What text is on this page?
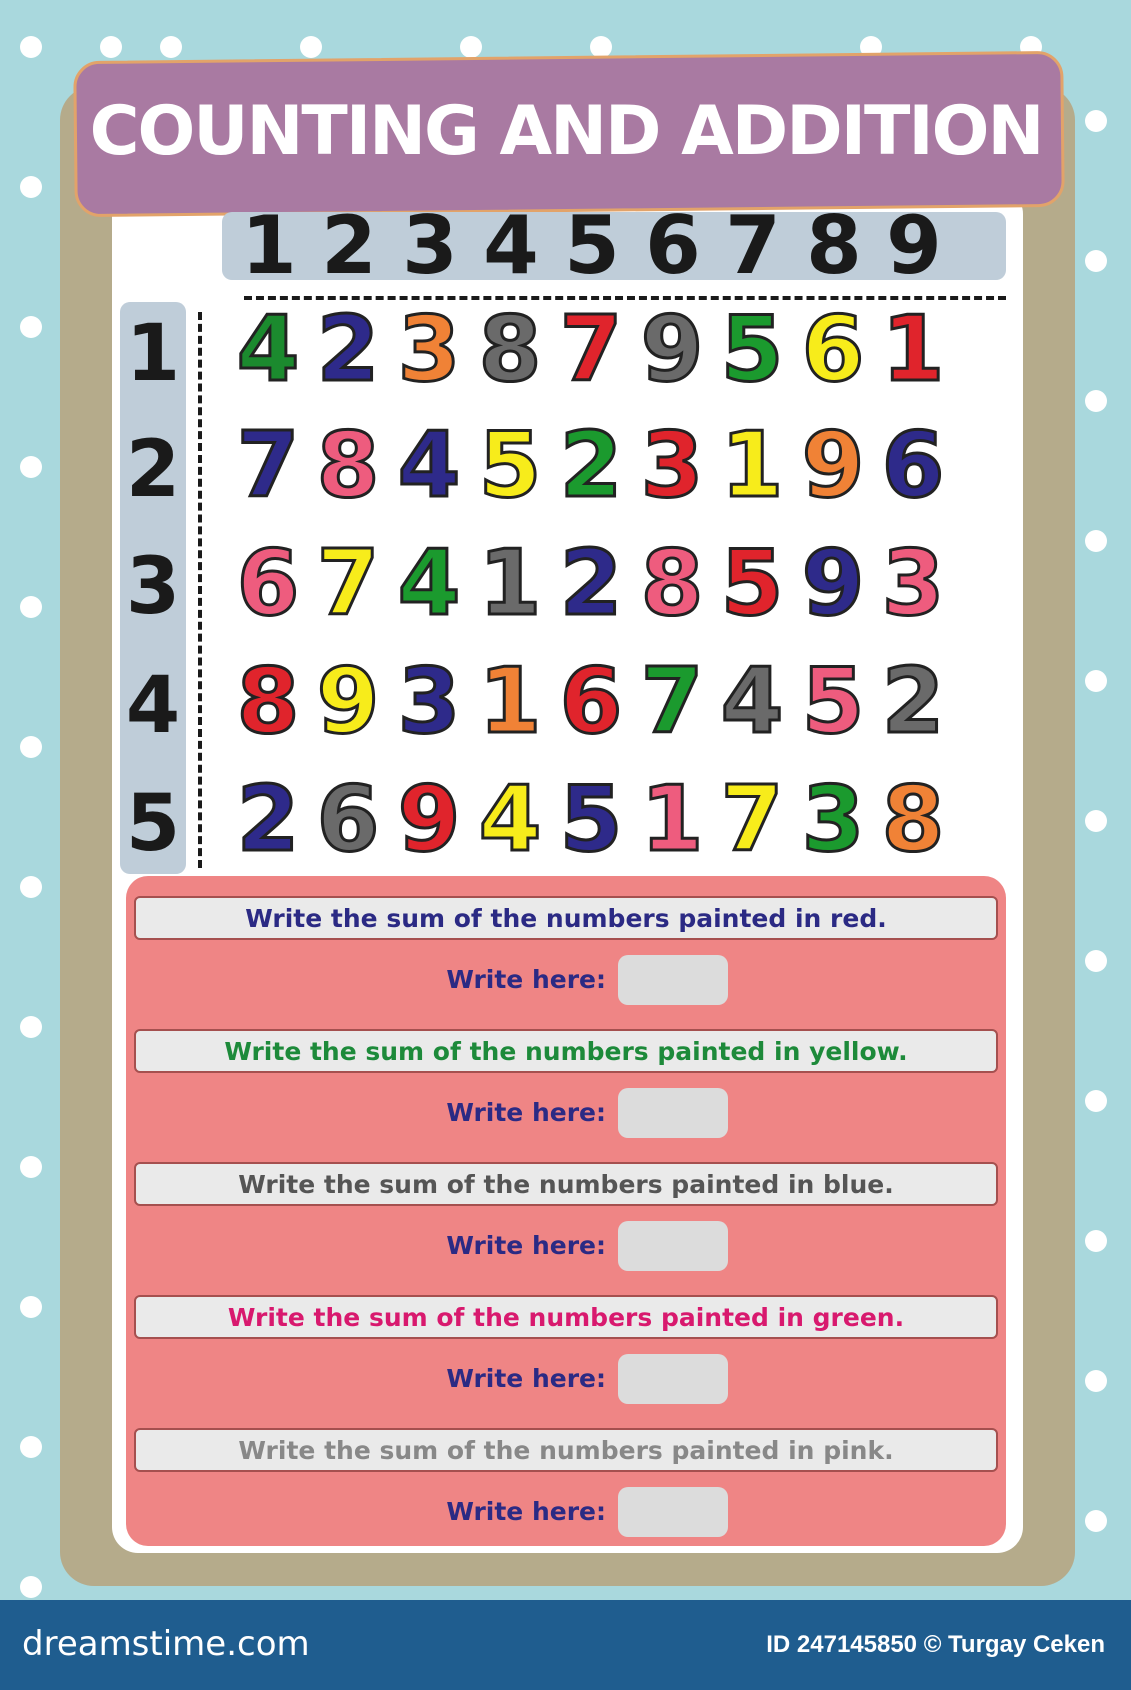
COUNTING AND ADDITION
1 2 3 4 5 6 7 8 9
1
2
3
4
5
4 2 3 8 7 9 5 6 1
7 8 4 5 2 3 1 9 6
6 7 4 1 2 8 5 9 3
8 9 3 1 6 7 4 5 2
2 6 9 4 5 1 7 3 8
Write the sum of the numbers painted in red.
Write here:
Write the sum of the numbers painted in yellow.
Write here:
Write the sum of the numbers painted in blue.
Write here:
Write the sum of the numbers painted in green.
Write here:
Write the sum of the numbers painted in pink.
Write here:
dreamstime.com	ID 247145850 © Turgay Ceken
